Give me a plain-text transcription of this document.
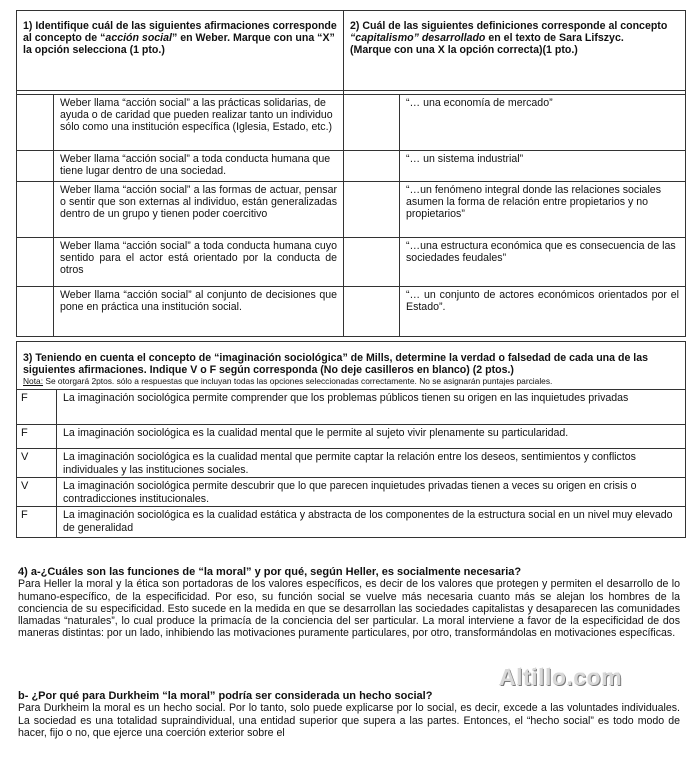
1) Identifique cuál de las siguientes afirmaciones corresponde al concepto de “acción social” en Weber. Marque con una “X” la opción selecciona (1 pto.)		2) Cuál de las siguientes definiciones corresponde al concepto “capitalismo” desarrollado en el texto de Sara Lifszyc.
(Marque con una X la opción correcta)(1 pto.)	

	Weber llama “acción social” a las prácticas solidarias, de ayuda o de caridad que pueden realizar tanto un individuo sólo como una institución específica (Iglesia, Estado, etc.)		“… una economía de mercado”
	Weber llama “acción social” a toda conducta humana que tiene lugar dentro de una sociedad.		“… un sistema industrial”
	Weber llama “acción social” a las formas de actuar, pensar o sentir que son externas al individuo, están generalizadas dentro de un grupo y tienen poder coercitivo		“…un fenómeno integral donde las relaciones sociales asumen la forma de relación entre propietarios y no propietarios”
	Weber llama “acción social” a toda conducta humana cuyo sentido para el actor está orientado por la conducta de otros		“…una estructura económica que es consecuencia de las sociedades feudales”
	Weber llama “acción social” al conjunto de decisiones que pone en práctica una institución social.		“… un conjunto de actores económicos orientados por el Estado”.
3) Teniendo en cuenta el concepto de “imaginación sociológica” de Mills, determine la verdad o falsedad de cada una de las siguientes afirmaciones. Indique V o F según corresponda (No deje casilleros en blanco) (2 ptos.)
Nota: Se otorgará 2ptos. sólo a respuestas que incluyan todas las opciones seleccionadas correctamente. No se asignarán puntajes parciales.	

F	La imaginación sociológica permite comprender que los problemas públicos tienen su origen en las inquietudes privadas
F	La imaginación sociológica es la cualidad mental que le permite al sujeto vivir plenamente su particularidad.
V	La imaginación sociológica es la cualidad mental que permite captar la relación entre los deseos, sentimientos y conflictos individuales y las instituciones sociales.
V	La imaginación sociológica permite descubrir que lo que parecen inquietudes privadas tienen a veces su origen en crisis o contradicciones institucionales.
F	La imaginación sociológica es la cualidad estática y abstracta de los componentes de la estructura social en un nivel muy elevado de generalidad
4) a-¿Cuáles son las funciones de “la moral” y por qué, según Heller, es socialmente necesaria?
Para Heller la moral y la ética son portadoras de los valores específicos, es decir de los valores que protegen y permiten el desarrollo de lo humano-específico, de la especificidad. Por eso, su función social se vuelve más necesaria cuanto más se alejan los hombres de la conciencia de su especificidad. Esto sucede en la medida en que se desarrollan las sociedades capitalistas y desaparecen las comunidades llamadas “naturales”, lo cual produce la primacía de la conciencia del ser particular. La moral interviene a favor de la especificidad de dos maneras distintas: por un lado, inhibiendo las motivaciones puramente particulares, por otro, transformándolas en motivaciones específicas.
Altillo.com
b- ¿Por qué para Durkheim “la moral” podría ser considerada un hecho social?
Para Durkheim la moral es un hecho social. Por lo tanto, solo puede explicarse por lo social, es decir, excede a las voluntades individuales. La sociedad es una totalidad supraindividual, una entidad superior que supera a las partes. Entonces, el “hecho social” es todo modo de hacer, fijo o no, que ejerce una coerción exterior sobre el
